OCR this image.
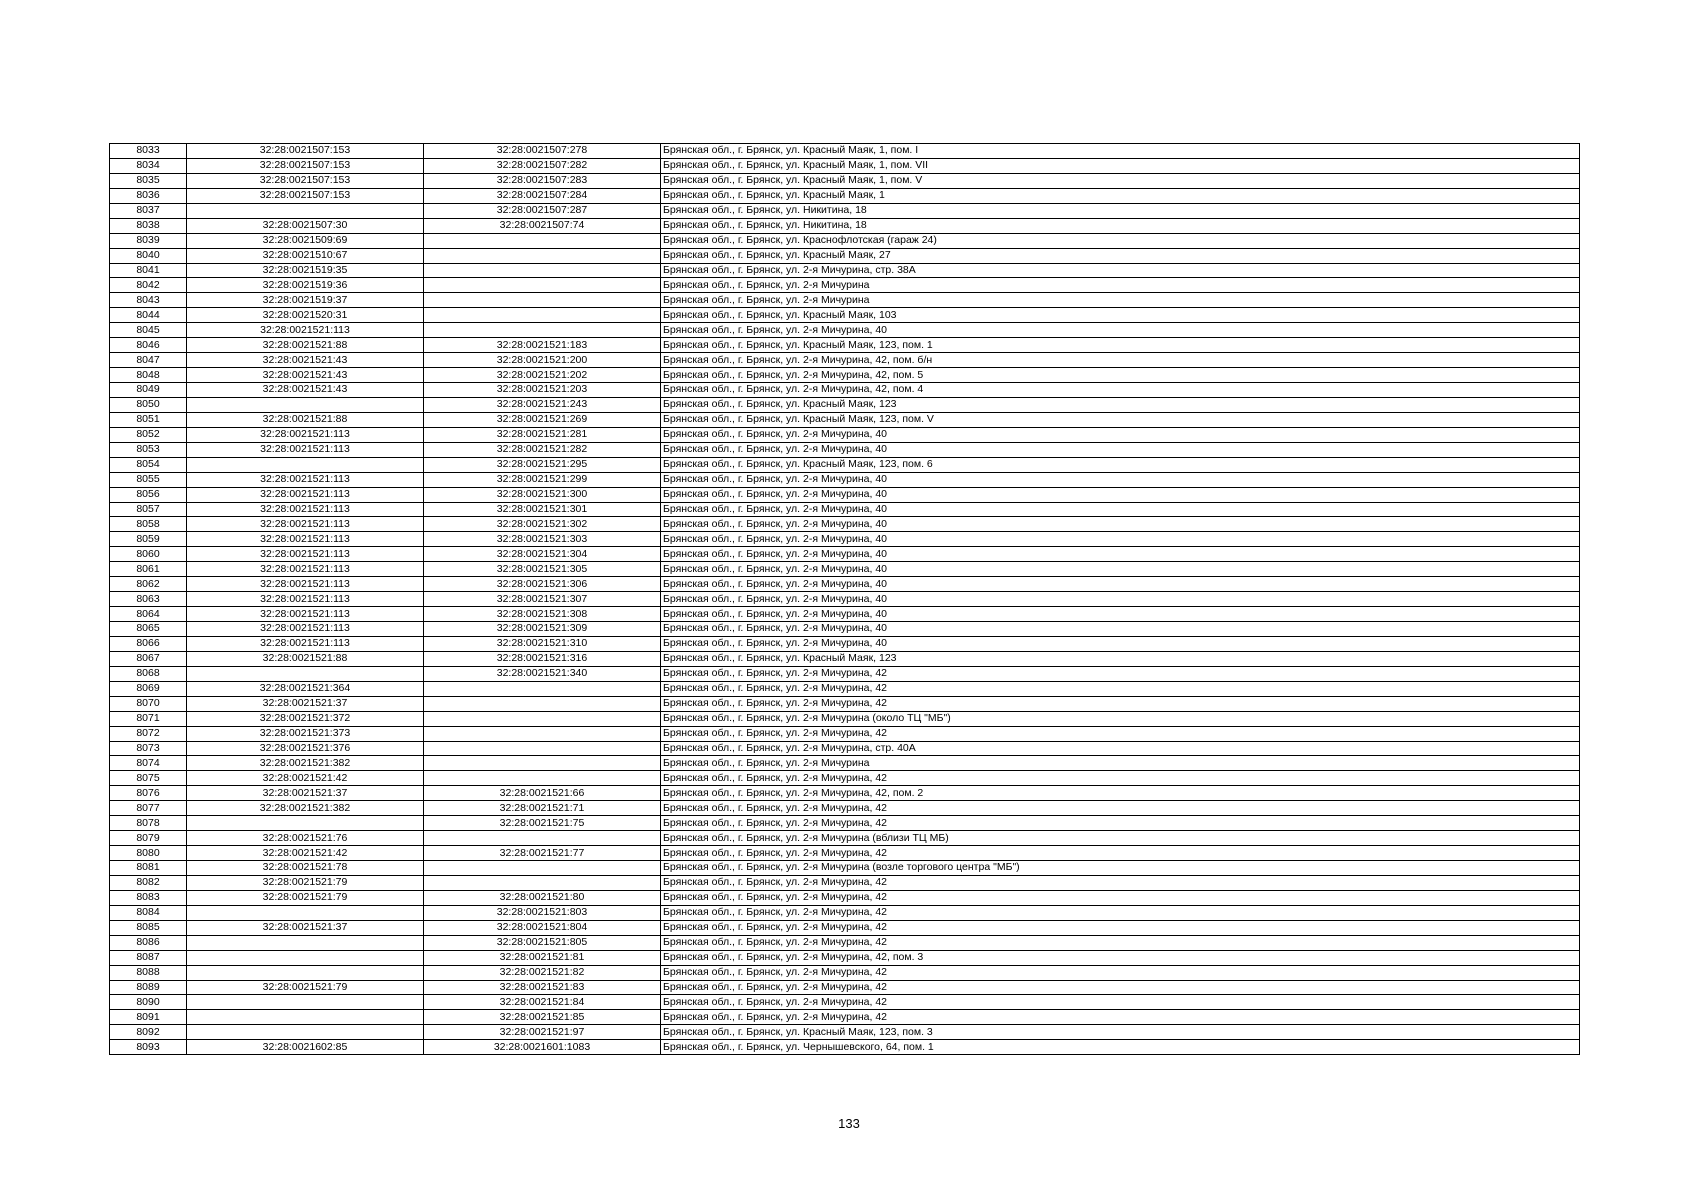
8033	32:28:0021507:153	32:28:0021507:278	Брянская обл., г. Брянск, ул. Красный Маяк, 1, пом. I
8034	32:28:0021507:153	32:28:0021507:282	Брянская обл., г. Брянск, ул. Красный Маяк, 1, пом. VII
8035	32:28:0021507:153	32:28:0021507:283	Брянская обл., г. Брянск, ул. Красный Маяк, 1, пом. V
8036	32:28:0021507:153	32:28:0021507:284	Брянская обл., г. Брянск, ул. Красный Маяк, 1
8037		32:28:0021507:287	Брянская обл., г. Брянск, ул. Никитина, 18
8038	32:28:0021507:30	32:28:0021507:74	Брянская обл., г. Брянск, ул. Никитина, 18
8039	32:28:0021509:69		Брянская обл., г. Брянск, ул. Краснофлотская (гараж 24)
8040	32:28:0021510:67		Брянская обл., г. Брянск, ул. Красный Маяк, 27
8041	32:28:0021519:35		Брянская обл., г. Брянск, ул. 2-я Мичурина, стр. 38А
8042	32:28:0021519:36		Брянская обл., г. Брянск, ул. 2-я Мичурина
8043	32:28:0021519:37		Брянская обл., г. Брянск, ул. 2-я Мичурина
8044	32:28:0021520:31		Брянская обл., г. Брянск, ул. Красный Маяк, 103
8045	32:28:0021521:113		Брянская обл., г. Брянск, ул. 2-я Мичурина, 40
8046	32:28:0021521:88	32:28:0021521:183	Брянская обл., г. Брянск, ул. Красный Маяк, 123, пом. 1
8047	32:28:0021521:43	32:28:0021521:200	Брянская обл., г. Брянск, ул. 2-я Мичурина, 42, пом. б/н
8048	32:28:0021521:43	32:28:0021521:202	Брянская обл., г. Брянск, ул. 2-я Мичурина, 42, пом. 5
8049	32:28:0021521:43	32:28:0021521:203	Брянская обл., г. Брянск, ул. 2-я Мичурина, 42, пом. 4
8050		32:28:0021521:243	Брянская обл., г. Брянск, ул. Красный Маяк, 123
8051	32:28:0021521:88	32:28:0021521:269	Брянская обл., г. Брянск, ул. Красный Маяк, 123, пом. V
8052	32:28:0021521:113	32:28:0021521:281	Брянская обл., г. Брянск, ул. 2-я Мичурина, 40
8053	32:28:0021521:113	32:28:0021521:282	Брянская обл., г. Брянск, ул. 2-я Мичурина, 40
8054		32:28:0021521:295	Брянская обл., г. Брянск, ул. Красный Маяк, 123, пом. 6
8055	32:28:0021521:113	32:28:0021521:299	Брянская обл., г. Брянск, ул. 2-я Мичурина, 40
8056	32:28:0021521:113	32:28:0021521:300	Брянская обл., г. Брянск, ул. 2-я Мичурина, 40
8057	32:28:0021521:113	32:28:0021521:301	Брянская обл., г. Брянск, ул. 2-я Мичурина, 40
8058	32:28:0021521:113	32:28:0021521:302	Брянская обл., г. Брянск, ул. 2-я Мичурина, 40
8059	32:28:0021521:113	32:28:0021521:303	Брянская обл., г. Брянск, ул. 2-я Мичурина, 40
8060	32:28:0021521:113	32:28:0021521:304	Брянская обл., г. Брянск, ул. 2-я Мичурина, 40
8061	32:28:0021521:113	32:28:0021521:305	Брянская обл., г. Брянск, ул. 2-я Мичурина, 40
8062	32:28:0021521:113	32:28:0021521:306	Брянская обл., г. Брянск, ул. 2-я Мичурина, 40
8063	32:28:0021521:113	32:28:0021521:307	Брянская обл., г. Брянск, ул. 2-я Мичурина, 40
8064	32:28:0021521:113	32:28:0021521:308	Брянская обл., г. Брянск, ул. 2-я Мичурина, 40
8065	32:28:0021521:113	32:28:0021521:309	Брянская обл., г. Брянск, ул. 2-я Мичурина, 40
8066	32:28:0021521:113	32:28:0021521:310	Брянская обл., г. Брянск, ул. 2-я Мичурина, 40
8067	32:28:0021521:88	32:28:0021521:316	Брянская обл., г. Брянск, ул. Красный Маяк, 123
8068		32:28:0021521:340	Брянская обл., г. Брянск, ул. 2-я Мичурина, 42
8069	32:28:0021521:364		Брянская обл., г. Брянск, ул. 2-я Мичурина, 42
8070	32:28:0021521:37		Брянская обл., г. Брянск, ул. 2-я Мичурина, 42
8071	32:28:0021521:372		Брянская обл., г. Брянск, ул. 2-я Мичурина (около ТЦ "МБ")
8072	32:28:0021521:373		Брянская обл., г. Брянск, ул. 2-я Мичурина, 42
8073	32:28:0021521:376		Брянская обл., г. Брянск, ул. 2-я Мичурина, стр. 40А
8074	32:28:0021521:382		Брянская обл., г. Брянск, ул. 2-я Мичурина
8075	32:28:0021521:42		Брянская обл., г. Брянск, ул. 2-я Мичурина, 42
8076	32:28:0021521:37	32:28:0021521:66	Брянская обл., г. Брянск, ул. 2-я Мичурина, 42, пом. 2
8077	32:28:0021521:382	32:28:0021521:71	Брянская обл., г. Брянск, ул. 2-я Мичурина, 42
8078		32:28:0021521:75	Брянская обл., г. Брянск, ул. 2-я Мичурина, 42
8079	32:28:0021521:76		Брянская обл., г. Брянск, ул. 2-я Мичурина (вблизи ТЦ МБ)
8080	32:28:0021521:42	32:28:0021521:77	Брянская обл., г. Брянск, ул. 2-я Мичурина, 42
8081	32:28:0021521:78		Брянская обл., г. Брянск, ул. 2-я Мичурина (возле торгового центра "МБ")
8082	32:28:0021521:79		Брянская обл., г. Брянск, ул. 2-я Мичурина, 42
8083	32:28:0021521:79	32:28:0021521:80	Брянская обл., г. Брянск, ул. 2-я Мичурина, 42
8084		32:28:0021521:803	Брянская обл., г. Брянск, ул. 2-я Мичурина, 42
8085	32:28:0021521:37	32:28:0021521:804	Брянская обл., г. Брянск, ул. 2-я Мичурина, 42
8086		32:28:0021521:805	Брянская обл., г. Брянск, ул. 2-я Мичурина, 42
8087		32:28:0021521:81	Брянская обл., г. Брянск, ул. 2-я Мичурина, 42, пом. 3
8088		32:28:0021521:82	Брянская обл., г. Брянск, ул. 2-я Мичурина, 42
8089	32:28:0021521:79	32:28:0021521:83	Брянская обл., г. Брянск, ул. 2-я Мичурина, 42
8090		32:28:0021521:84	Брянская обл., г. Брянск, ул. 2-я Мичурина, 42
8091		32:28:0021521:85	Брянская обл., г. Брянск, ул. 2-я Мичурина, 42
8092		32:28:0021521:97	Брянская обл., г. Брянск, ул. Красный Маяк, 123, пом. 3
8093	32:28:0021602:85	32:28:0021601:1083	Брянская обл., г. Брянск, ул. Чернышевского, 64, пом. 1
133
